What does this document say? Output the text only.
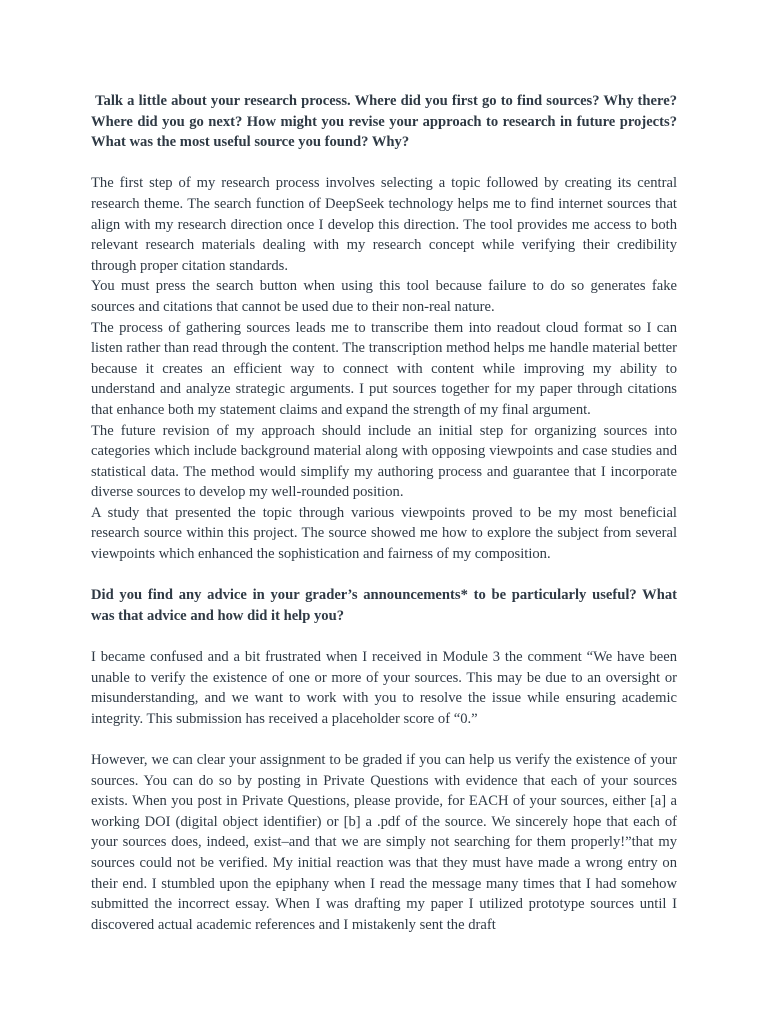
Talk a little about your research process. Where did you first go to find sources? Why there? Where did you go next? How might you revise your approach to research in future projects? What was the most useful source you found? Why?

The first step of my research process involves selecting a topic followed by creating its central research theme. The search function of DeepSeek technology helps me to find internet sources that align with my research direction once I develop this direction. The tool provides me access to both relevant research materials dealing with my research concept while verifying their credibility through proper citation standards.

You must press the search button when using this tool because failure to do so generates fake sources and citations that cannot be used due to their non-real nature.

The process of gathering sources leads me to transcribe them into readout cloud format so I can listen rather than read through the content. The transcription method helps me handle material better because it creates an efficient way to connect with content while improving my ability to understand and analyze strategic arguments. I put sources together for my paper through citations that enhance both my statement claims and expand the strength of my final argument.

The future revision of my approach should include an initial step for organizing sources into categories which include background material along with opposing viewpoints and case studies and statistical data. The method would simplify my authoring process and guarantee that I incorporate diverse sources to develop my well-rounded position.

A study that presented the topic through various viewpoints proved to be my most beneficial research source within this project. The source showed me how to explore the subject from several viewpoints which enhanced the sophistication and fairness of my composition.

Did you find any advice in your grader’s announcements* to be particularly useful? What was that advice and how did it help you?

I became confused and a bit frustrated when I received in Module 3 the comment “We have been unable to verify the existence of one or more of your sources. This may be due to an oversight or misunderstanding, and we want to work with you to resolve the issue while ensuring academic integrity. This submission has received a placeholder score of “0.”

However, we can clear your assignment to be graded if you can help us verify the existence of your sources. You can do so by posting in Private Questions with evidence that each of your sources exists. When you post in Private Questions, please provide, for EACH of your sources, either [a] a working DOI (digital object identifier) or [b] a .pdf of the source. We sincerely hope that each of your sources does, indeed, exist–and that we are simply not searching for them properly!”that my sources could not be verified. My initial reaction was that they must have made a wrong entry on their end. I stumbled upon the epiphany when I read the message many times that I had somehow submitted the incorrect essay. When I was drafting my paper I utilized prototype sources until I discovered actual academic references and I mistakenly sent the draft
